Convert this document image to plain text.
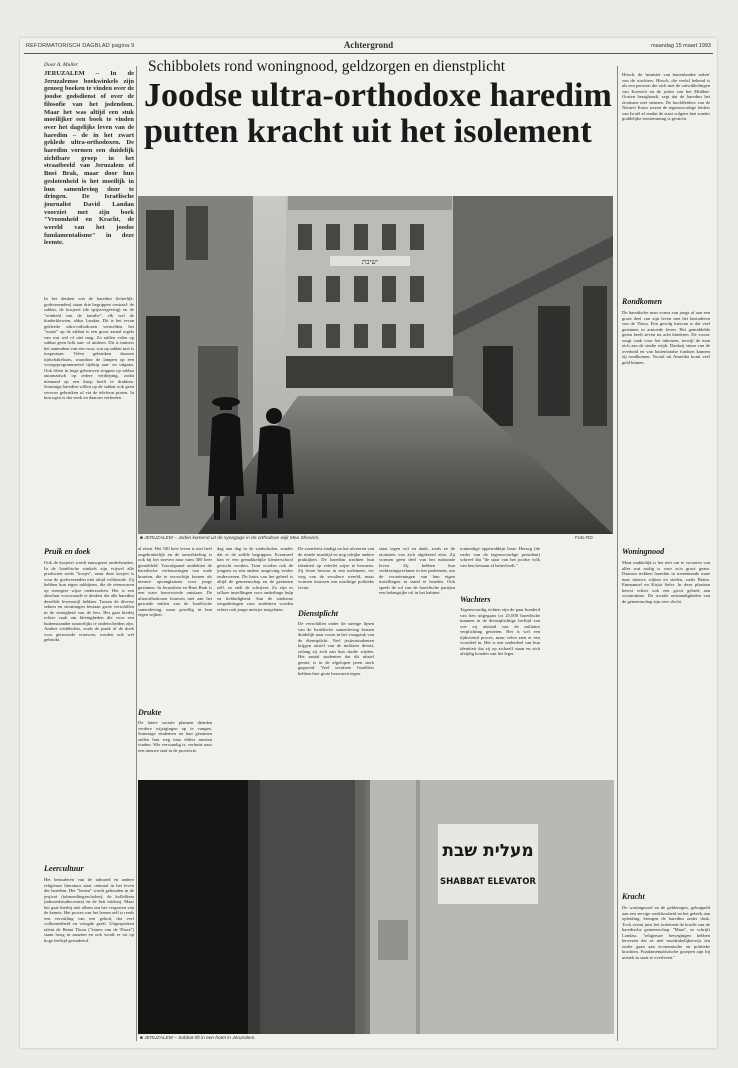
REFORMATORISCH DAGBLAD pagina 9	Achtergrond	maandag 15 maart 1993
Door A. Muller	Schibbolets rond woningnood, geldzorgen en dienstplicht
Joodse ultra-orthodoxe haredim
putten kracht uit het isolement
JERUZALEM – In de Jeruzalemse boekwinkels zijn genoeg boeken te vinden over de joodse godsdienst of over de filosofie van het jodendom. Maar het was altijd een stuk moeilijker een boek te vinden over het dagelijks leven van de haredim – de in het zwart geklede ultra-orthodoxen. De haredim vormen een duidelijk zichtbare groep in het straatbeeld van Jeruzalem of Bnei Brak, maar door hun geslotenheid is het moeilijk in hun samenleving door te dringen. De Israëlische journalist David Landau voorziet met zijn boek "Vroomheid en Kracht, de wereld van het joodse fundamentalisme" in deze leemte.
In het denken van de haredim (letterlijk: godvrezenden) staan drie begrippen centraal: de sabbat, de kosjeret (de spijswetgeving) en de "reinheid van de familie", elk wel de kinderklewten, aldus Landau. Dit is het ervan gekleede ultra-orthodoxen vermelden het "ruster" op de sabbat is een groot aantal regels van wat wel of niet mag. Zo zullen velen op sabbat geen licht aan- of uitdoen. Dit is immers het aanmaken van een vuur, wat op sabbat niet is toegestaan. Velen gebruiken daarom tijdschakelaars, waardoor de lampen op een voorgeprogrammeerd tijdstip aan- en uitgaan. Ook liften in hoge gebouwen stoppen op sabbat automatisch op iedere verdieping, zodat niemand op een knop hoeft te drukken. Sommige haredim willen op de sabbat ook geen vervoer gebruiken of via de telefoon praten. In hun ogen is dat werk en daarom verboden.
Pruik en doek
Ook de kosjeret wordt nauwgezet onderhouden. In de Israëlische winkels zijn vrijwel alle producten reeds "kosjer", maar deze kosjert is voor de godvrezenden niet altijd voldoende. Zij hebben hun eigen rabbijnen, die de etenswaren op strengere wijze onderzoeken. Het is een absoluut voorwaarde te denken dat alle haredim dezelfde levensstijl hebben. Tussen de diverse sekten en stromingen bestaan grote verschillen in de strengheid van de leer. Het gaat hierbij echter vaak om kleinigheden die voor een buitenstaander nauwelijks te onderscheiden zijn. Andere schibbolets, zoals de pruik of de doek voor getrouwde vrouwen, worden ook wel gebruikt.
Leercultuur
Het bestuderen van de talmoed en andere religieuze literatuur staat centraal in het leven der haredim. Het "lernen" wordt gehouden in de jesjivot (talmoedhogescholen), de kollelliem (talmoedstudiecentra) en de beit midrasj. Maar het gaat hierbij niet alleen om het vergroten van de kennis. Het proces van het lernen zelf is reeds een vervulling van een gebod, dat veel volkomenheid en vreugde geeft. Uitgesproken talent de Benai Thora ("zonen van de Thora") staan hoog in aanzien en ook wordt er tot op hoge leeftijd gestudeerd.
ישיבת
■ JERUZALEM – Joden komend uit de synagoge in de orthodoxe wijk Mea Shearim.	Foto RD
al eisen. Het 100 keer leven is niet heel ongebruikelijk en de ontwikkeling is ook bij het streven naar ruim 300 keer gemiddeld. Voorafgaand ontdekten de haredische verbouwingen van oude buurten, die te voorschijn komen als nieuwe opvanghuizen voor jonge gezinnen. In Jeruzalem en Bnei Brak is een ware bouwwoede ontstaan. De ultraorthodoxen bouwen niet aan het gezonde milieu van de Israëlische samenleving, maar gezellig in hun eigen wijken.
Drukte
De latere sociale plannen dienden verdere wijzigingen op te vangen. Sommige studenten en hun gezinnen zullen hun weg naar elders moeten vinden. Wie verstandig is, verhuist naar een nieuwe stad in de provincie.
dag aan dag in de stadscholen, zonder dat er de zelfde begrippen. Eventueel kan er een gemakkelijke kleuterschool gesticht worden. Toen worden ook de jongens in een andere omgeving verder onderwezen. De basis van het geheel is altijd de gemeenschap en de gezinnen zelf, zo stelt de schrijver. Zo zijn er talloze instellingen voor onderlinge hulp en liefdadigheid. Aan de stiekeme vergaderingen voor studenten worden echter ook jonge meisjes toegelaten.
De zoenfeest eindigt na het afvoeren van de rituele maaltijd en nog talrijke andere praktijken. De haredim trachten hun identiteit op velerlei wijze te bewaren. Zij leven bewust in een isolement, ver weg van de seculiere wereld, maar vormen intussen een machtige politieke factor.
Dienstplicht
De verschillen onder de strenge lijnen van de Israëlische samenleving komen duidelijk naar voren in het vraagstuk van de dienstplicht. Veel jesjivastudenten krijgen uitstel van de militaire dienst, zolang zij zich aan hun studie wijden. Het aantal studenten dat dit uitstel geniet, is in de afgelopen jaren sterk gegroeid. Veel seculiere Israëliërs hebben hier grote bezwaren tegen.
staat tegen wil en dank, zoals ze de zionisten van zich afgekeerd zien. Zij vormen geen deel van het nationale leven. Zij hebben hun verkiezingsreclame in het parlement, om de voorzieningen van hun eigen instellingen in stand te houden. Ook speelt de rol van de haredische partijen een belangrijke rol in het kabinet.
tommalige opperrabbijn Isaac Herzog (de vader van de tegenwoordige president) schreef dat "de staat van het joodse volk van hen bestaan af beïnvloedt."
Wachters
Tegenwoordig richten zijn de paar honderd van hen uitgegaan tot 25.000 haredische mannen in de dienstplichtige leeftijd van wie zij afstand van de militaire verplichting genieten. Het is wel een tijdrovend proces, maar velen zien er een voordeel in. Het is een onderdeel van hun identiteit dat zij op zichzelf staan en zich afzijdig houden van het leger.
Hirsch, de 'minister van buitenlandse zaken' van de wachters. Hirsch, die veelal bekend is als een persoon die zich met de ontwikkelingen van Koeweit en de joden van het Midden-Oosten bezighoudt, zegt dat de haredim het zionisme niet steunen. De hoofdleiders van de Neturei Karta wezen de tegenwoordige leiders van Israël af omdat de staat volgens hen zonder goddelijke toestemming is gesticht.
Rondkomen
De haredische man vormt van jongs af aan een groot deel van zijn leven met het bestuderen van de Thora. Een gevolg hiervan is dat veel gezinnen in armoede leven. Het gemiddelde gezin heeft zeven tot acht kinderen. De vrouw zorgt vaak voor het inkomen, terwijl de man zich aan de studie wijdt. Dankzij steun van de overheid en van buitenlandse fondsen kunnen zij rondkomen. Vooral uit Amerika komt veel geld binnen.
Woningnood
Maar makkelijk is het niet om te voorzien van alles wat nodig is voor zo'n groot gezin. Daarom trekken haredim in toenemende mate naar nieuwe wijken en steden, zoals Beitar, Emmanuel en Kirjat Sefer. In deze plaatsen heerst echter ook een groot gebrek aan woonruimte. De sociale omstandigheden van de gemeenschap zijn zeer slecht.
Kracht
De woningnood en de geldzorgen, gekoppeld aan een stevige werkloosheid en het gebrek aan opleiding, brengen de haredim onder druk. Toch vormt juist het isolement de kracht van de haredische gemeenschap. "Maar", zo schrijft Landau, "religieuze bewegingen hebben bewezen dat ze niet noodzakelijkerwijs ten onder gaan aan economische en politieke krachten. Fundamentalistische groepen zijn bij uitstek in staat te overleven."
מעלית שבת
SHABBAT ELEVATOR
■ JERUZALEM – Sabbat-lift in een hotel in Jeruzalem.
